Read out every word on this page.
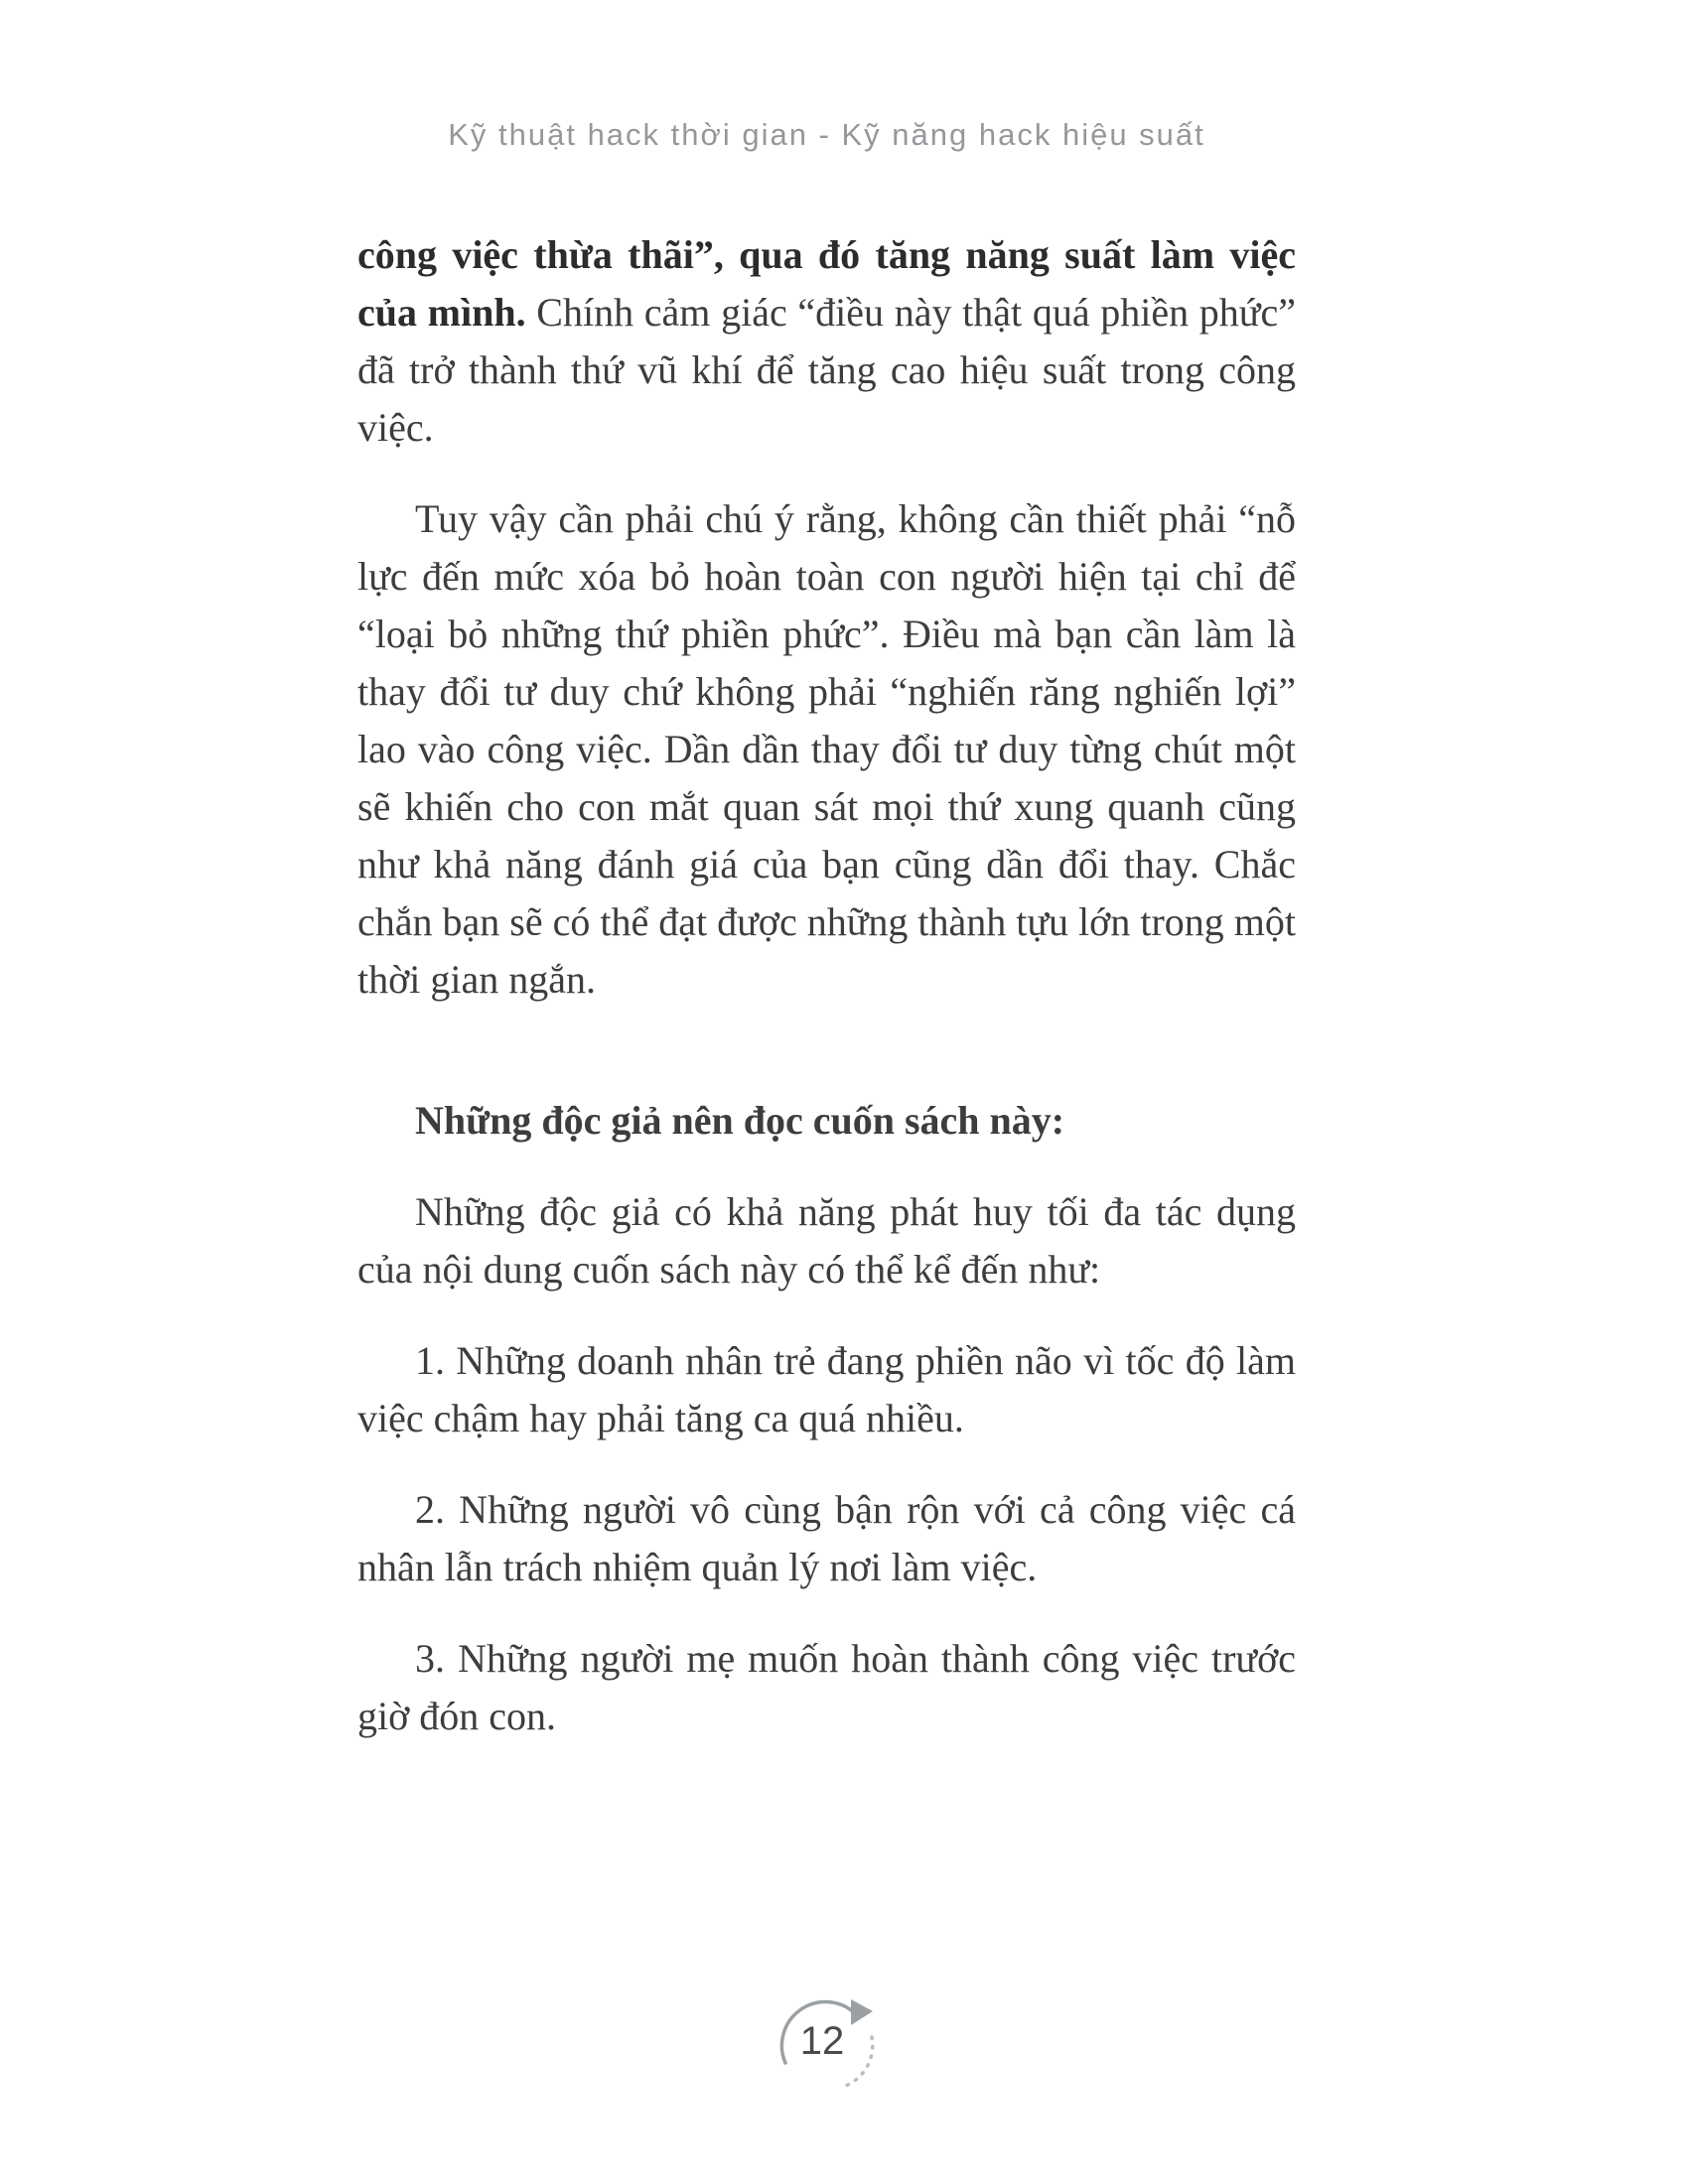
Kỹ thuật hack thời gian - Kỹ năng hack hiệu suất

công việc thừa thãi”, qua đó tăng năng suất làm việc của mình. Chính cảm giác “điều này thật quá phiền phức” đã trở thành thứ vũ khí để tăng cao hiệu suất trong công việc.

Tuy vậy cần phải chú ý rằng, không cần thiết phải “nỗ lực đến mức xóa bỏ hoàn toàn con người hiện tại chỉ để “loại bỏ những thứ phiền phức”. Điều mà bạn cần làm là thay đổi tư duy chứ không phải “nghiến răng nghiến lợi” lao vào công việc. Dần dần thay đổi tư duy từng chút một sẽ khiến cho con mắt quan sát mọi thứ xung quanh cũng như khả năng đánh giá của bạn cũng dần đổi thay. Chắc chắn bạn sẽ có thể đạt được những thành tựu lớn trong một thời gian ngắn.

Những độc giả nên đọc cuốn sách này:

Những độc giả có khả năng phát huy tối đa tác dụng của nội dung cuốn sách này có thể kể đến như:

1. Những doanh nhân trẻ đang phiền não vì tốc độ làm việc chậm hay phải tăng ca quá nhiều.

2. Những người vô cùng bận rộn với cả công việc cá nhân lẫn trách nhiệm quản lý nơi làm việc.

3. Những người mẹ muốn hoàn thành công việc trước giờ đón con.

12
